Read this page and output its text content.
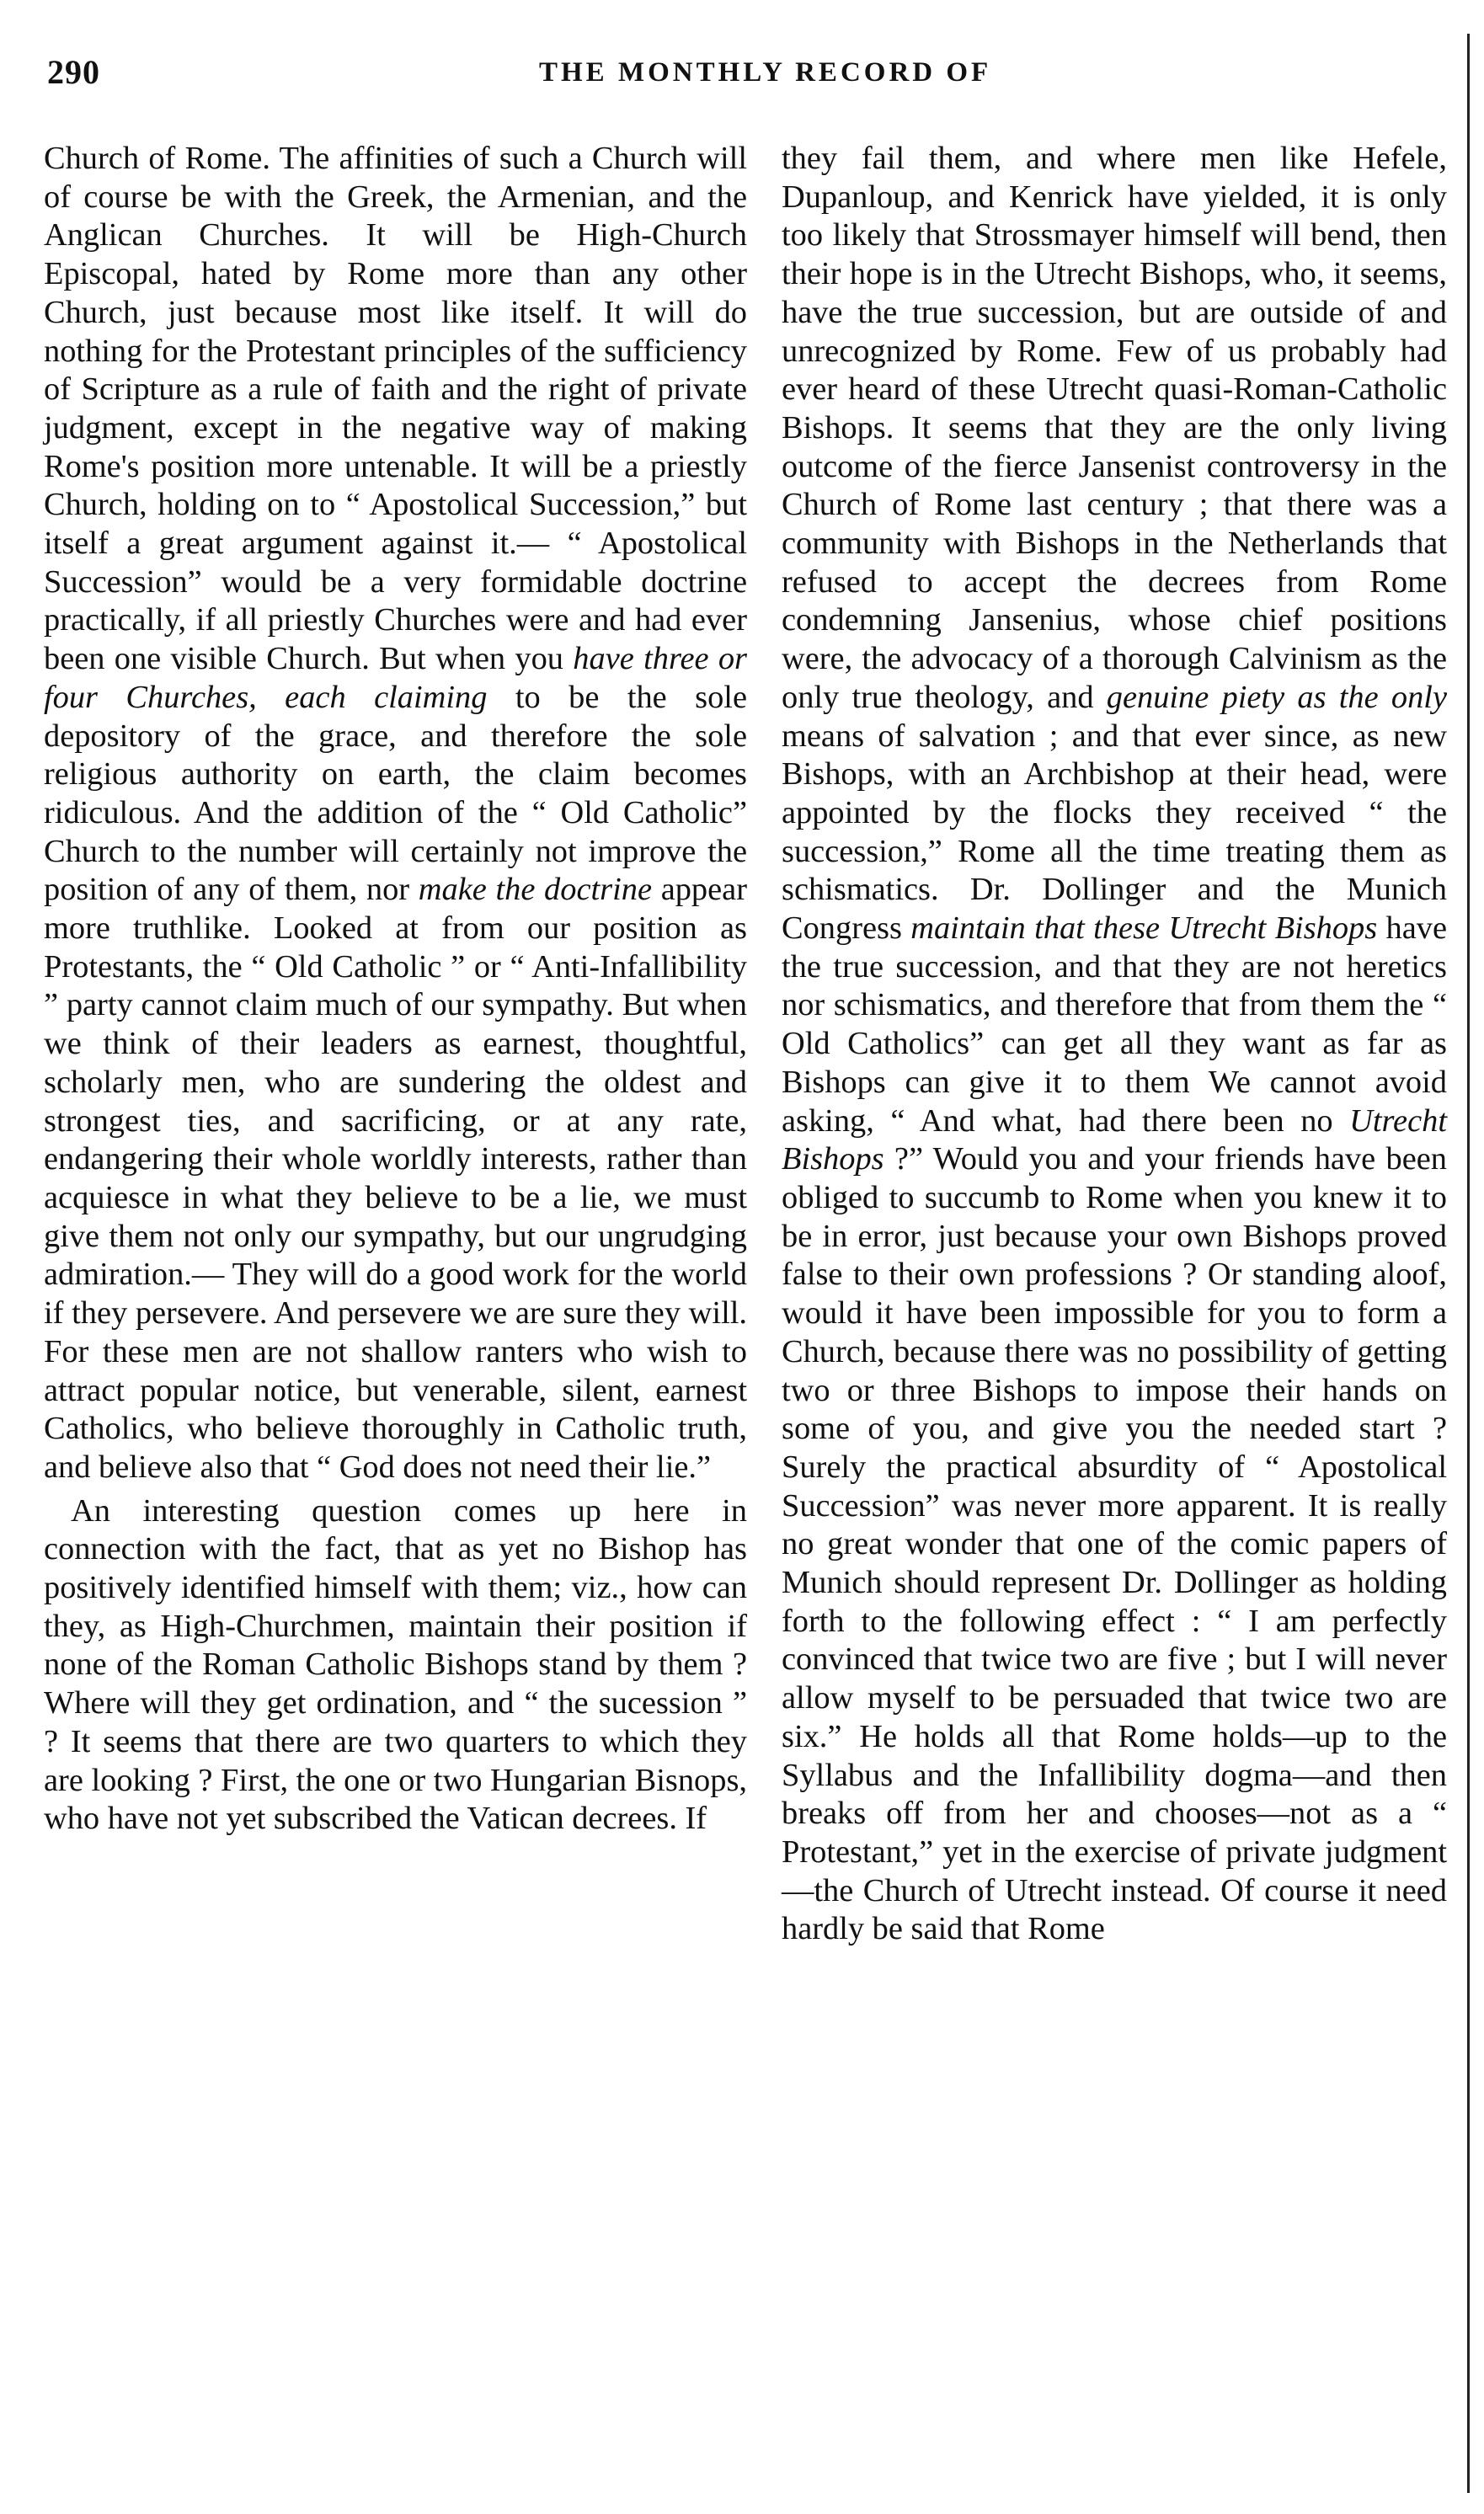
290	THE MONTHLY RECORD OF

Church of Rome. The affinities of such a Church will of course be with the Greek, the Armenian, and the Anglican Churches. It will be High-Church Episcopal, hated by Rome more than any other Church, just because most like itself. It will do nothing for the Protestant principles of the sufficiency of Scripture as a rule of faith and the right of private judgment, except in the negative way of making Rome's position more untenable. It will be a priestly Church, holding on to “ Apostolical Succession,” but itself a great argument against it.— “ Apostolical Succession” would be a very formidable doctrine practically, if all priestly Churches were and had ever been one visible Church. But when you have three or four Churches, each claiming to be the sole depository of the grace, and therefore the sole religious authority on earth, the claim becomes ridiculous. And the addition of the “ Old Catholic” Church to the number will certainly not improve the position of any of them, nor make the doctrine appear more truthlike. Looked at from our position as Protestants, the “ Old Catholic ” or “ Anti-Infallibility ” party cannot claim much of our sympathy. But when we think of their leaders as earnest, thoughtful, scholarly men, who are sundering the oldest and strongest ties, and sacrificing, or at any rate, endangering their whole worldly interests, rather than acquiesce in what they believe to be a lie, we must give them not only our sympathy, but our ungrudging admiration.— They will do a good work for the world if they persevere. And persevere we are sure they will. For these men are not shallow ranters who wish to attract popular notice, but venerable, silent, earnest Catholics, who believe thoroughly in Catholic truth, and believe also that “ God does not need their lie.”

An interesting question comes up here in connection with the fact, that as yet no Bishop has positively identified himself with them; viz., how can they, as High-Churchmen, maintain their position if none of the Roman Catholic Bishops stand by them ? Where will they get ordination, and “ the sucession ” ? It seems that there are two quarters to which they are looking ? First, the one or two Hungarian Bisnops, who have not yet subscribed the Vatican decrees. If

they fail them, and where men like Hefele, Dupanloup, and Kenrick have yielded, it is only too likely that Strossmayer himself will bend, then their hope is in the Utrecht Bishops, who, it seems, have the true succession, but are outside of and unrecognized by Rome. Few of us probably had ever heard of these Utrecht quasi-Roman-Catholic Bishops. It seems that they are the only living outcome of the fierce Jansenist controversy in the Church of Rome last century ; that there was a community with Bishops in the Netherlands that refused to accept the decrees from Rome condemning Jansenius, whose chief positions were, the advocacy of a thorough Calvinism as the only true theology, and genuine piety as the only means of salvation ; and that ever since, as new Bishops, with an Archbishop at their head, were appointed by the flocks they received “ the succession,” Rome all the time treating them as schismatics. Dr. Dollinger and the Munich Congress maintain that these Utrecht Bishops have the true succession, and that they are not heretics nor schismatics, and therefore that from them the “ Old Catholics” can get all they want as far as Bishops can give it to them We cannot avoid asking, “ And what, had there been no Utrecht Bishops ?” Would you and your friends have been obliged to succumb to Rome when you knew it to be in error, just because your own Bishops proved false to their own professions ? Or standing aloof, would it have been impossible for you to form a Church, because there was no possibility of getting two or three Bishops to impose their hands on some of you, and give you the needed start ? Surely the practical absurdity of “ Apostolical Succession” was never more apparent. It is really no great wonder that one of the comic papers of Munich should represent Dr. Dollinger as holding forth to the following effect : “ I am perfectly convinced that twice two are five ; but I will never allow myself to be persuaded that twice two are six.” He holds all that Rome holds—up to the Syllabus and the Infallibility dogma—and then breaks off from her and chooses—not as a “ Protestant,” yet in the exercise of private judgment —the Church of Utrecht instead. Of course it need hardly be said that Rome
